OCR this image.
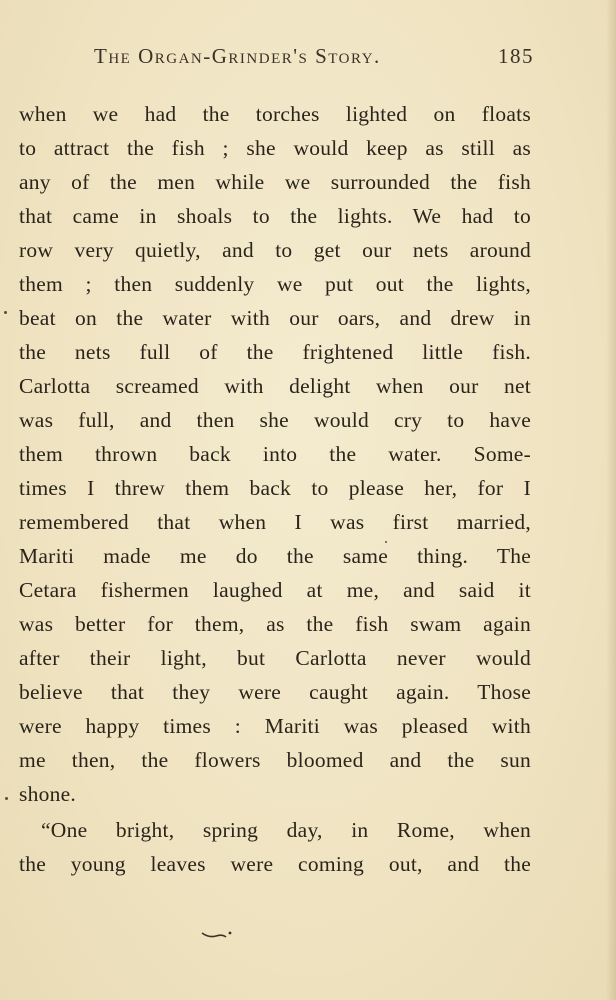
The Organ-Grinder's Story.	185
when we had the torches lighted on floats
to attract the fish ; she would keep as still as
any of the men while we surrounded the fish
that came in shoals to the lights. We had to
row very quietly, and to get our nets around
them ; then suddenly we put out the lights,
beat on the water with our oars, and drew in
the nets full of the frightened little fish.
Carlotta screamed with delight when our net
was full, and then she would cry to have
them thrown back into the water. Some-
times I threw them back to please her, for I
remembered that when I was first married,
Mariti made me do the same thing. The
Cetara fishermen laughed at me, and said it
was better for them, as the fish swam again
after their light, but Carlotta never would
believe that they were caught again. Those
were happy times : Mariti was pleased with
me then, the flowers bloomed and the sun
shone.
“One bright, spring day, in Rome, when
the young leaves were coming out, and the
